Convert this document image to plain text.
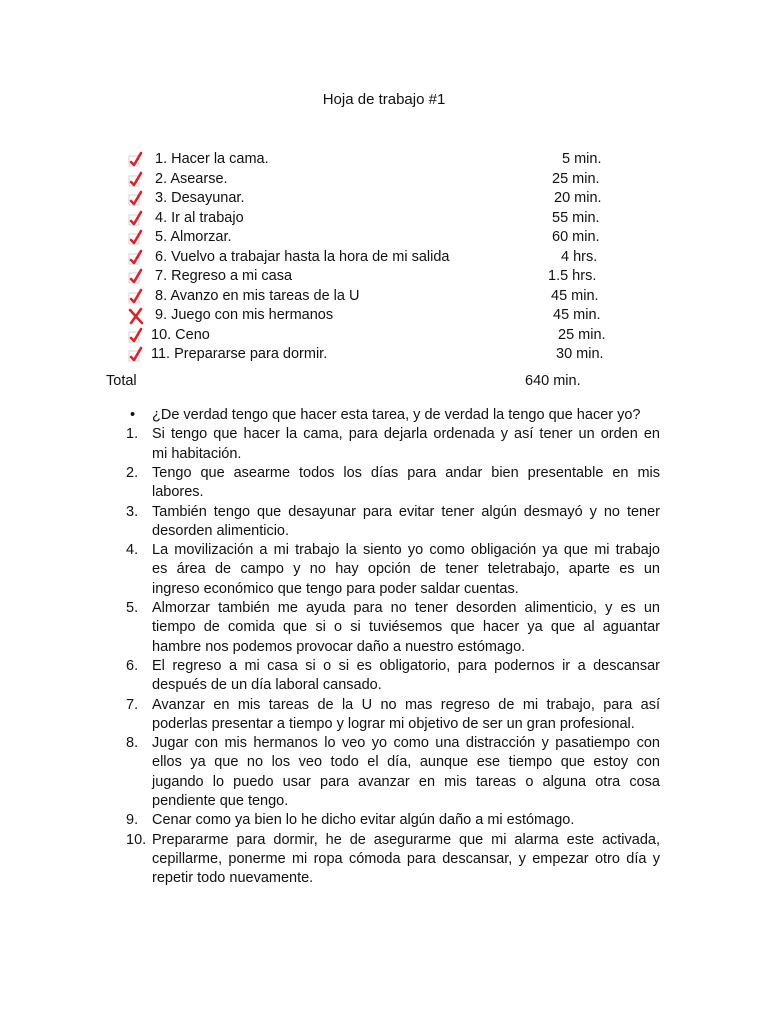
Hoja de trabajo #1
1. Hacer la cama.	5 min.
2. Asearse.	25 min.
3. Desayunar.	20 min.
4. Ir al trabajo	55 min.
5. Almorzar.	60 min.
6. Vuelvo a trabajar hasta la hora de mi salida	4 hrs.
7. Regreso a mi casa	1.5 hrs.
8. Avanzo en mis tareas de la U	45 min.
9. Juego con mis hermanos	45 min.
10. Ceno	25 min.
11. Prepararse para dormir.	30 min.
Total	640 min.
•	¿De verdad tengo que hacer esta tarea, y de verdad la tengo que hacer yo?
1. Si tengo que hacer la cama, para dejarla ordenada y así tener un orden en
mi habitación.
2. Tengo que asearme todos los días para andar bien presentable en mis
labores.
3. También tengo que desayunar para evitar tener algún desmayó y no tener
desorden alimenticio.
4. La movilización a mi trabajo la siento yo como obligación ya que mi trabajo
es área de campo y no hay opción de tener teletrabajo, aparte es un
ingreso económico que tengo para poder saldar cuentas.
5. Almorzar también me ayuda para no tener desorden alimenticio, y es un
tiempo de comida que si o si tuviésemos que hacer ya que al aguantar
hambre nos podemos provocar daño a nuestro estómago.
6. El regreso a mi casa si o si es obligatorio, para podernos ir a descansar
después de un día laboral cansado.
7. Avanzar en mis tareas de la U no mas regreso de mi trabajo, para así
poderlas presentar a tiempo y lograr mi objetivo de ser un gran profesional.
8. Jugar con mis hermanos lo veo yo como una distracción y pasatiempo con
ellos ya que no los veo todo el día, aunque ese tiempo que estoy con
jugando lo puedo usar para avanzar en mis tareas o alguna otra cosa
pendiente que tengo.
9. Cenar como ya bien lo he dicho evitar algún daño a mi estómago.
10. Prepararme para dormir, he de asegurarme que mi alarma este activada,
cepillarme, ponerme mi ropa cómoda para descansar, y empezar otro día y
repetir todo nuevamente.
